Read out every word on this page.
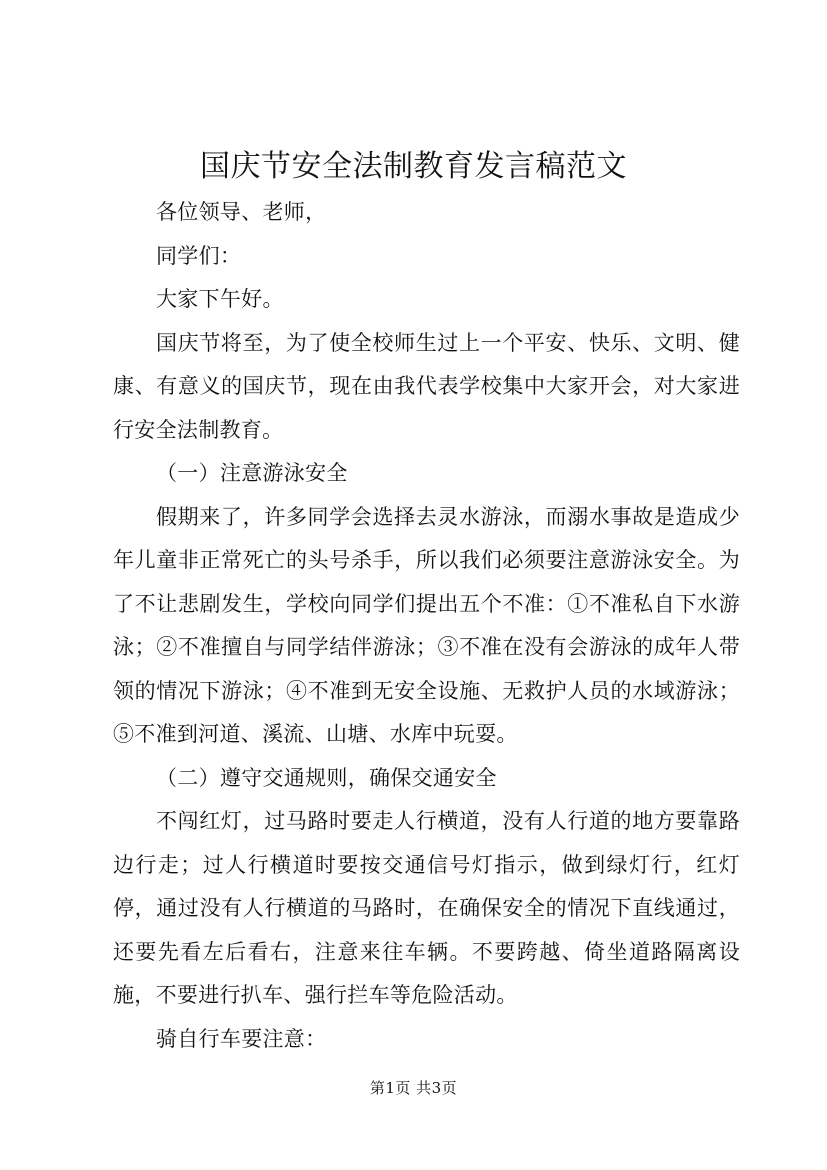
国庆节安全法制教育发言稿范文

各位领导、老师，

同学们：

大家下午好。

国庆节将至，为了使全校师生过上一个平安、快乐、文明、健康、有意义的国庆节，现在由我代表学校集中大家开会，对大家进行安全法制教育。

（一）注意游泳安全

假期来了，许多同学会选择去灵水游泳，而溺水事故是造成少年儿童非正常死亡的头号杀手，所以我们必须要注意游泳安全。为了不让悲剧发生，学校向同学们提出五个不准：①不准私自下水游泳；②不准擅自与同学结伴游泳；③不准在没有会游泳的成年人带领的情况下游泳；④不准到无安全设施、无救护人员的水域游泳；⑤不准到河道、溪流、山塘、水库中玩耍。

（二）遵守交通规则，确保交通安全

不闯红灯，过马路时要走人行横道，没有人行道的地方要靠路边行走；过人行横道时要按交通信号灯指示，做到绿灯行，红灯停，通过没有人行横道的马路时，在确保安全的情况下直线通过，还要先看左后看右，注意来往车辆。不要跨越、倚坐道路隔离设施，不要进行扒车、强行拦车等危险活动。

骑自行车要注意：

第1页 共3页
